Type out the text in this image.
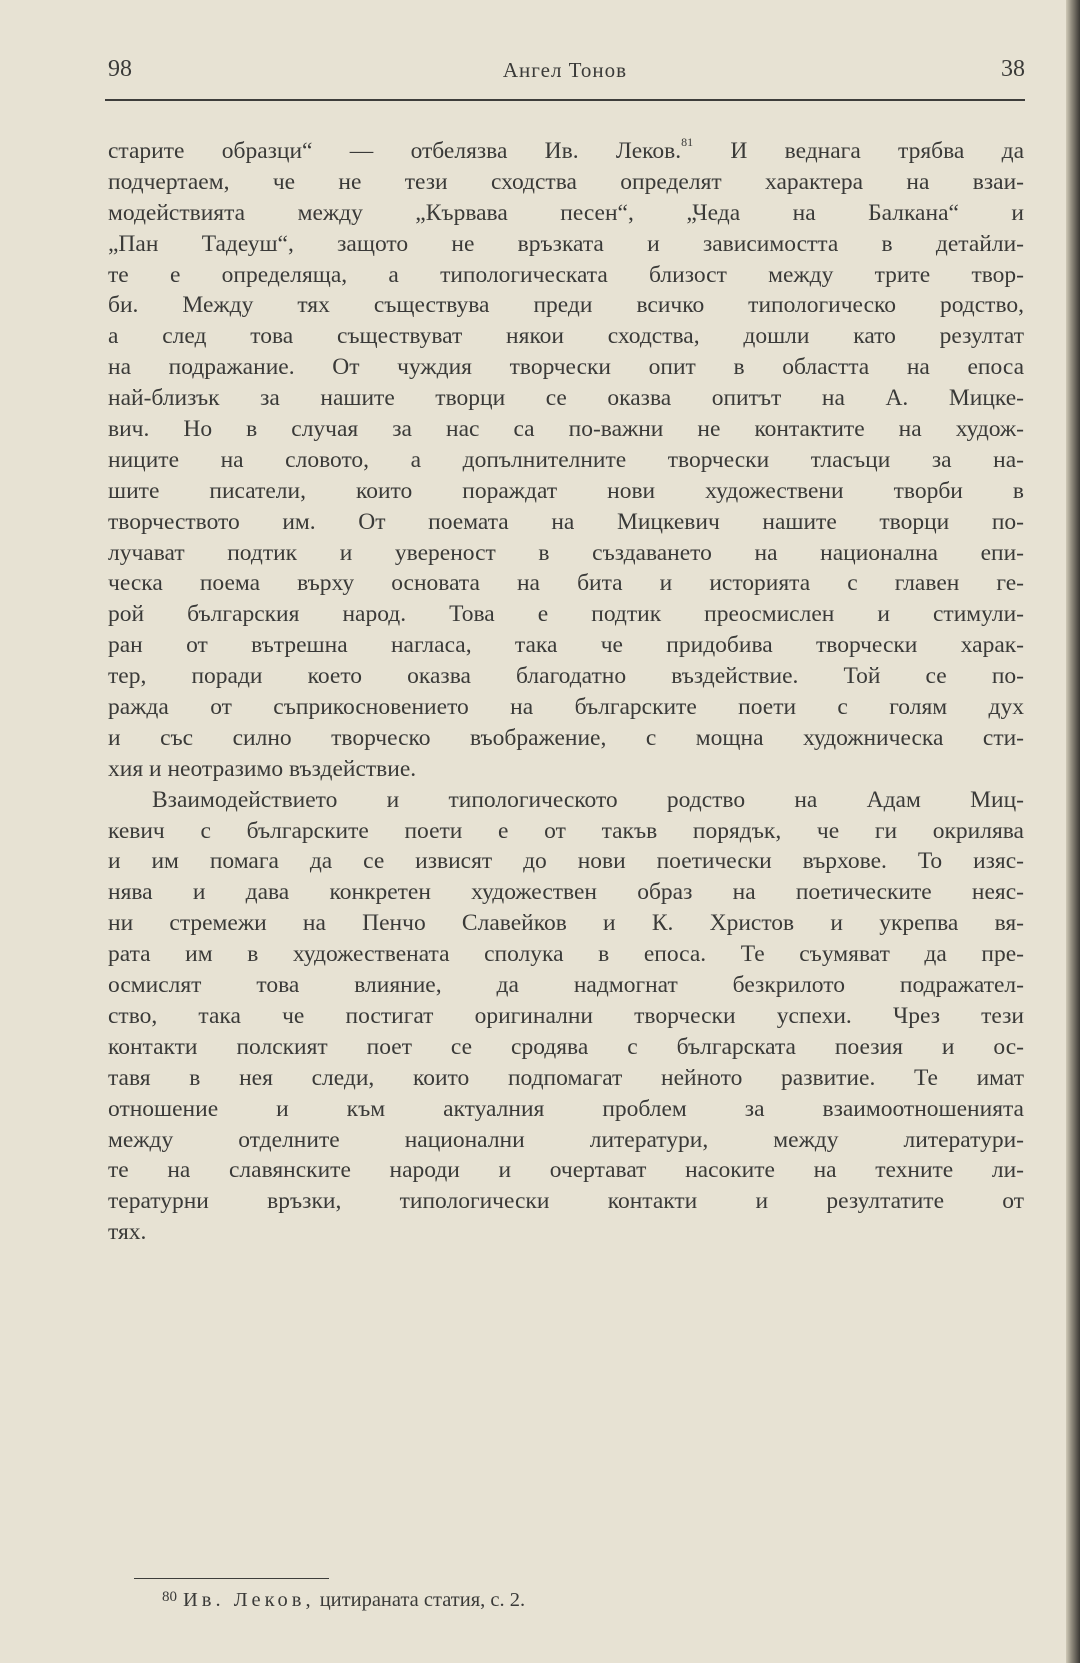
98	Ангел Тонов	38
старите образци“ — отбелязва Ив. Леков.$^{81}$ И веднага трябва да
подчертаем, че не тези сходства определят характера на взаи-
модействията между „Кървава песен“, „Чеда на Балкана“ и
„Пан Тадеуш“, защото не връзката и зависимостта в детайли-
те е определяща, а типологическата близост между трите твор-
би. Между тях съществува преди всичко типологическо родство,
а след това съществуват някои сходства, дошли като резултат
на подражание. От чуждия творчески опит в областта на епоса
най-близък за нашите творци се оказва опитът на А. Мицке-
вич. Но в случая за нас са по-важни не контактите на худож-
ниците на словото, а допълнителните творчески тласъци за на-
шите писатели, които пораждат нови художествени творби в
творчеството им. От поемата на Мицкевич нашите творци по-
лучават подтик и увереност в създаването на национална епи-
ческа поема върху основата на бита и историята с главен ге-
рой българския народ. Това е подтик преосмислен и стимули-
ран от вътрешна нагласа, така че придобива творчески харак-
тер, поради което оказва благодатно въздействие. Той се по-
ражда от съприкосновението на българските поети с голям дух
и със силно творческо въображение, с мощна художническа сти-
хия и неотразимо въздействие.
Взаимодействието и типологическото родство на Адам Миц-
кевич с българските поети е от такъв порядък, че ги окрилява
и им помага да се извисят до нови поетически върхове. То изяс-
нява и дава конкретен художествен образ на поетическите неяс-
ни стремежи на Пенчо Славейков и К. Христов и укрепва вя-
рата им в художествената сполука в епоса. Те съумяват да пре-
осмислят това влияние, да надмогнат безкрилото подражател-
ство, така че постигат оригинални творчески успехи. Чрез тези
контакти полският поет се сродява с българската поезия и ос-
тавя в нея следи, които подпомагат нейното развитие. Те имат
отношение и към актуалния проблем за взаимоотношенията
между отделните национални литератури, между литератури-
те на славянските народи и очертават насоките на техните ли-
тературни връзки, типологически контакти и резултатите от
тях.
$^{80}$ Ив. Леков, цитираната статия, с. 2.
